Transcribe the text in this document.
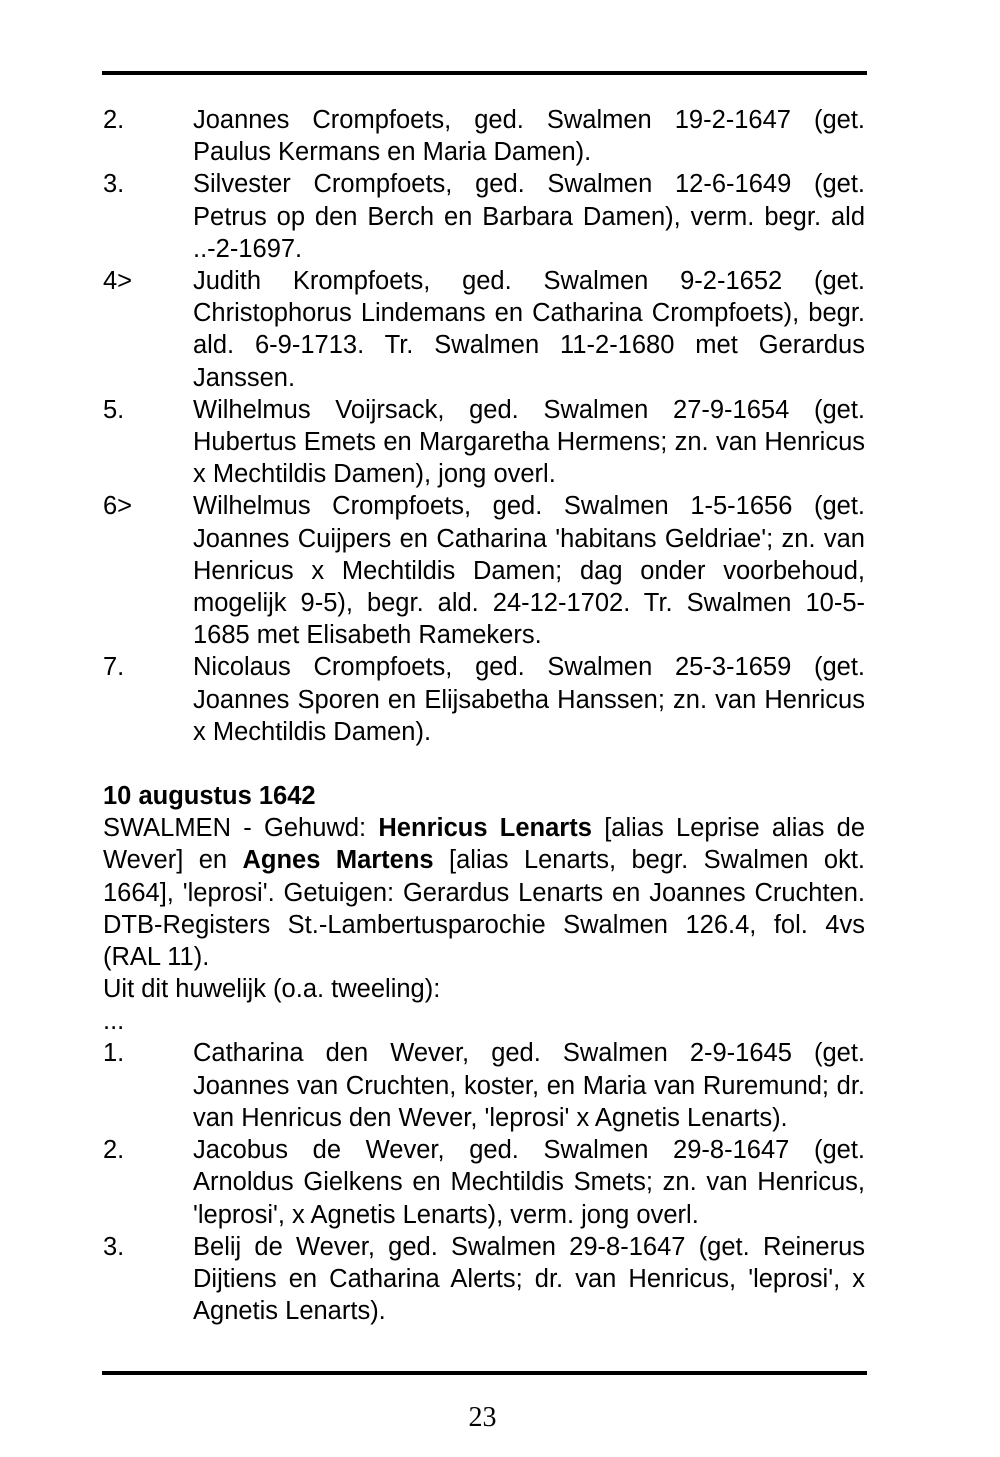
2.	Joannes Crompfoets, ged. Swalmen 19-2-1647 (get. Paulus Kermans en Maria Damen).
3.	Silvester Crompfoets, ged. Swalmen 12-6-1649 (get. Petrus op den Berch en Barbara Damen), verm. begr. ald ..-2-1697.
4>	Judith Krompfoets, ged. Swalmen 9-2-1652 (get. Christophorus Lindemans en Catharina Crompfoets), begr. ald. 6-9-1713. Tr. Swalmen 11-2-1680 met Gerardus Janssen.
5.	Wilhelmus Voijrsack, ged. Swalmen 27-9-1654 (get. Hubertus Emets en Margaretha Hermens; zn. van Henricus x Mechtildis Damen), jong overl.
6>	Wilhelmus Crompfoets, ged. Swalmen 1-5-1656 (get. Joannes Cuijpers en Catharina 'habitans Geldriae'; zn. van Henricus x Mechtildis Damen; dag onder voorbehoud, mogelijk 9-5), begr. ald. 24-12-1702. Tr. Swalmen 10-5-1685 met Elisabeth Ramekers.
7.	Nicolaus Crompfoets, ged. Swalmen 25-3-1659 (get. Joannes Sporen en Elijsabetha Hanssen; zn. van Henricus x Mechtildis Damen).
10 augustus 1642
SWALMEN - Gehuwd: Henricus Lenarts [alias Leprise alias de Wever] en Agnes Martens [alias Lenarts, begr. Swalmen okt. 1664], 'leprosi'. Getuigen: Gerardus Lenarts en Joannes Cruchten. DTB-Registers St.-Lambertusparochie Swalmen 126.4, fol. 4vs (RAL 11).
Uit dit huwelijk (o.a. tweeling):
...
1.	Catharina den Wever, ged. Swalmen 2-9-1645 (get. Joannes van Cruchten, koster, en Maria van Ruremund; dr. van Henricus den Wever, 'leprosi' x Agnetis Lenarts).
2.	Jacobus de Wever, ged. Swalmen 29-8-1647 (get. Arnoldus Gielkens en Mechtildis Smets; zn. van Henricus, 'leprosi', x Agnetis Lenarts), verm. jong overl.
3.	Belij de Wever, ged. Swalmen 29-8-1647 (get. Reinerus Dijtiens en Catharina Alerts; dr. van Henricus, 'leprosi', x Agnetis Lenarts).
23
